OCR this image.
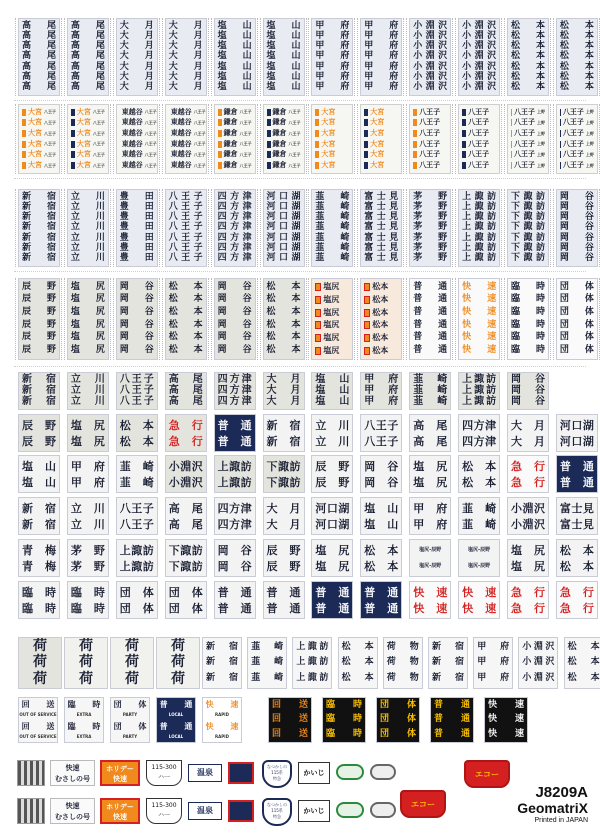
高 尾
高 尾
高 尾
高 尾
高 尾
高 尾
高 尾
高 尾
高 尾
高 尾
高 尾
高 尾
高 尾
高 尾
大 月
大 月
大 月
大 月
大 月
大 月
大 月
大 月
大 月
大 月
大 月
大 月
大 月
大 月
塩 山
塩 山
塩 山
塩 山
塩 山
塩 山
塩 山
塩 山
塩 山
塩 山
塩 山
塩 山
塩 山
塩 山
甲 府
甲 府
甲 府
甲 府
甲 府
甲 府
甲 府
甲 府
甲 府
甲 府
甲 府
甲 府
甲 府
甲 府
小 淵 沢
小 淵 沢
小 淵 沢
小 淵 沢
小 淵 沢
小 淵 沢
小 淵 沢
小 淵 沢
小 淵 沢
小 淵 沢
小 淵 沢
小 淵 沢
小 淵 沢
小 淵 沢
松 本
松 本
松 本
松 本
松 本
松 本
松 本
松 本
松 本
松 本
松 本
松 本
松 本
松 本
大宮 八王子
大宮 八王子
大宮 八王子
大宮 八王子
大宮 八王子
大宮 八王子
大宮 八王子
大宮 八王子
大宮 八王子
大宮 八王子
大宮 八王子
大宮 八王子
東越谷 八王子
東越谷 八王子
東越谷 八王子
東越谷 八王子
東越谷 八王子
東越谷 八王子
東越谷 八王子
東越谷 八王子
東越谷 八王子
東越谷 八王子
東越谷 八王子
東越谷 八王子
鎌倉 八王子
鎌倉 八王子
鎌倉 八王子
鎌倉 八王子
鎌倉 八王子
鎌倉 八王子
鎌倉 八王子
鎌倉 八王子
鎌倉 八王子
鎌倉 八王子
鎌倉 八王子
鎌倉 八王子
大宮
大宮
大宮
大宮
大宮
大宮
大宮
大宮
大宮
大宮
大宮
大宮
八王子
八王子
八王子
八王子
八王子
八王子
八王子
八王子
八王子
八王子
八王子
八王子
八王子 上野
八王子 上野
八王子 上野
八王子 上野
八王子 上野
八王子 上野
八王子 上野
八王子 上野
八王子 上野
八王子 上野
八王子 上野
八王子 上野
新 宿
新 宿
新 宿
新 宿
新 宿
新 宿
新 宿
立 川
立 川
立 川
立 川
立 川
立 川
立 川
豊 田
豊 田
豊 田
豊 田
豊 田
豊 田
豊 田
八 王 子
八 王 子
八 王 子
八 王 子
八 王 子
八 王 子
八 王 子
四 方 津
四 方 津
四 方 津
四 方 津
四 方 津
四 方 津
四 方 津
河 口 湖
河 口 湖
河 口 湖
河 口 湖
河 口 湖
河 口 湖
河 口 湖
韮 崎
韮 崎
韮 崎
韮 崎
韮 崎
韮 崎
韮 崎
富 士 見
富 士 見
富 士 見
富 士 見
富 士 見
富 士 見
富 士 見
茅 野
茅 野
茅 野
茅 野
茅 野
茅 野
茅 野
上 諏 訪
上 諏 訪
上 諏 訪
上 諏 訪
上 諏 訪
上 諏 訪
上 諏 訪
下 諏 訪
下 諏 訪
下 諏 訪
下 諏 訪
下 諏 訪
下 諏 訪
下 諏 訪
岡 谷
岡 谷
岡 谷
岡 谷
岡 谷
岡 谷
岡 谷
辰 野
辰 野
辰 野
辰 野
辰 野
辰 野
塩 尻
塩 尻
塩 尻
塩 尻
塩 尻
塩 尻
岡 谷
岡 谷
岡 谷
岡 谷
岡 谷
岡 谷
松 本
松 本
松 本
松 本
松 本
松 本
岡 谷
岡 谷
岡 谷
岡 谷
岡 谷
岡 谷
松 本
松 本
松 本
松 本
松 本
松 本
塩尻
塩尻
塩尻
塩尻
塩尻
塩尻
松本
松本
松本
松本
松本
松本
普 通
普 通
普 通
普 通
普 通
普 通
快 速
快 速
快 速
快 速
快 速
快 速
臨 時
臨 時
臨 時
臨 時
臨 時
臨 時
団 体
団 体
団 体
団 体
団 体
団 体
新 宿
新 宿
新 宿
立 川
立 川
立 川
八 王 子
八 王 子
八 王 子
高 尾
高 尾
高 尾
四 方 津
四 方 津
四 方 津
大 月
大 月
大 月
塩 山
塩 山
塩 山
甲 府
甲 府
甲 府
韮 崎
韮 崎
韮 崎
上 諏 訪
上 諏 訪
上 諏 訪
岡 谷
岡 谷
岡 谷
辰 野
辰 野
塩 尻
塩 尻
松 本
松 本
急 行
急 行
普 通
普 通
新 宿
新 宿
立 川
立 川
八 王 子
八 王 子
高 尾
高 尾
四 方 津
四 方 津
大 月
大 月
河 口 湖
河 口 湖
塩 山
塩 山
甲 府
甲 府
韮 崎
韮 崎
小 淵 沢
小 淵 沢
上 諏 訪
上 諏 訪
下 諏 訪
下 諏 訪
辰 野
辰 野
岡 谷
岡 谷
塩 尻
塩 尻
松 本
松 本
急 行
急 行
普 通
普 通
新 宿
新 宿
立 川
立 川
八 王 子
八 王 子
高 尾
高 尾
四 方 津
四 方 津
大 月
大 月
河 口 湖
河 口 湖
塩 山
塩 山
甲 府
甲 府
韮 崎
韮 崎
小 淵 沢
小 淵 沢
富 士 見
富 士 見
青 梅
青 梅
茅 野
茅 野
上 諏 訪
上 諏 訪
下 諏 訪
下 諏 訪
岡 谷
岡 谷
辰 野
辰 野
塩 尻
塩 尻
松 本
松 本
塩尻-辰野
塩尻-辰野
塩尻-辰野
塩尻-辰野
塩 尻
塩 尻
松 本
松 本
臨 時
臨 時
臨 時
臨 時
団 体
団 体
団 体
団 体
普 通
普 通
普 通
普 通
普 通
普 通
普 通
普 通
快 速
快 速
快 速
快 速
急 行
急 行
急 行
急 行
荷
荷
荷
荷
荷
荷
荷
荷
荷
荷
荷
荷
新 宿
新 宿
新 宿
韮 崎
韮 崎
韮 崎
上 諏 訪
上 諏 訪
上 諏 訪
松 本
松 本
松 本
荷 物
荷 物
荷 物
新 宿
新 宿
新 宿
甲 府
甲 府
甲 府
小 淵 沢
小 淵 沢
小 淵 沢
松 本
松 本
松 本
回 送
OUT OF SERVICE
回 送
OUT OF SERVICE
臨 時
EXTRA
臨 時
EXTRA
団 体
PARTY
団 体
PARTY
普 通
LOCAL
普 通
LOCAL
快 速
RAPID
快 速
RAPID
回 送
回 送
回 送
臨 時
臨 時
臨 時
団 体
団 体
団 体
普 通
普 通
普 通
快 速
快 速
快 速
快速
むさしの号
ホリデー
快速
115-300
ハ一
温泉
なつかしの
115系
特急
かいじ
快速
むさしの号
ホリデー
快速
115-300
ハ一
温泉
なつかしの
115系
特急
かいじ
エコー
エコー
J8209A
GeomatriX
Printed in JAPAN
